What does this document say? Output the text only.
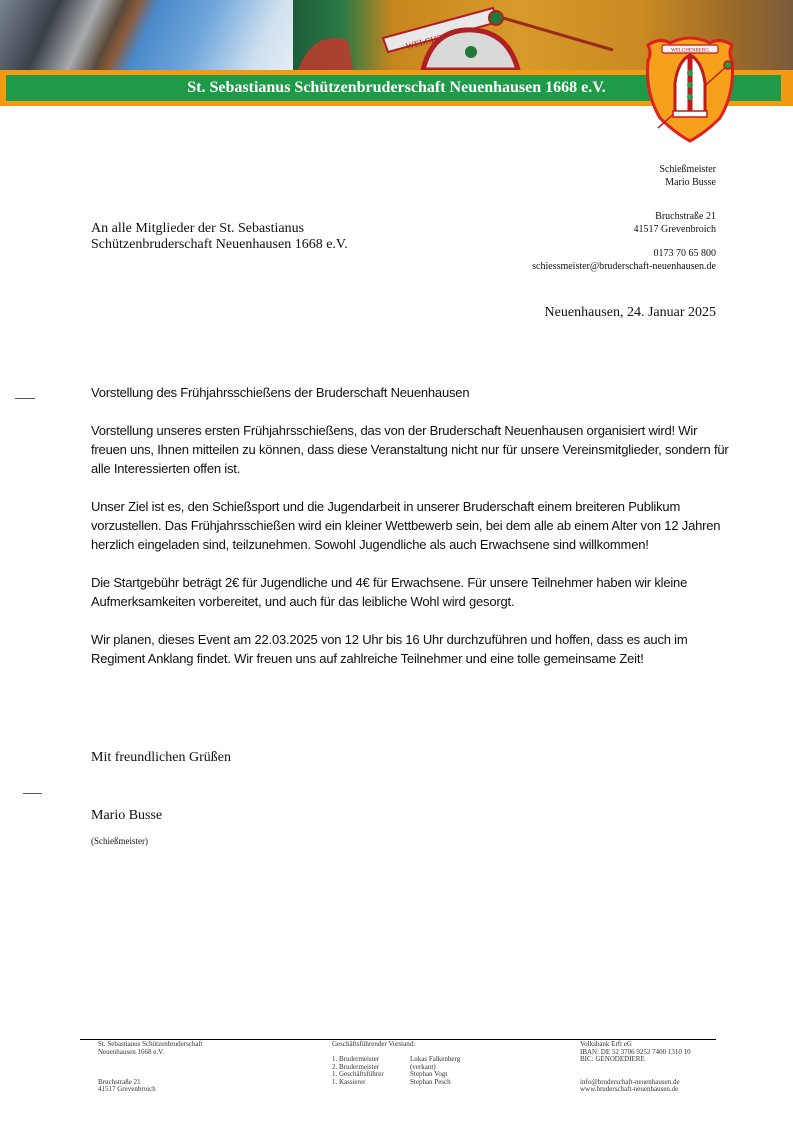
St. Sebastianus Schützenbruderschaft Neuenhausen 1668 e.V.
WELCHENBERG
Schießmeister
Mario Busse
Bruchstraße 21
41517 Grevenbroich
0173 70 65 800
schiessmeister@bruderschaft-neuenhausen.de
An alle Mitglieder der St. Sebastianus
Schützenbruderschaft Neuenhausen 1668 e.V.
Neuenhausen, 24. Januar 2025

Vorstellung des Frühjahrsschießens der Bruderschaft Neuenhausen

Vorstellung unseres ersten Frühjahrsschießens, das von der Bruderschaft Neuenhausen organisiert wird! Wir freuen uns, Ihnen mitteilen zu können, dass diese Veranstaltung nicht nur für unsere Vereinsmitglieder, sondern für alle Interessierten offen ist.

Unser Ziel ist es, den Schießsport und die Jugendarbeit in unserer Bruderschaft einem breiteren Publikum vorzustellen. Das Frühjahrsschießen wird ein kleiner Wettbewerb sein, bei dem alle ab einem Alter von 12 Jahren herzlich eingeladen sind, teilzunehmen. Sowohl Jugendliche als auch Erwachsene sind willkommen!

Die Startgebühr beträgt 2€ für Jugendliche und 4€ für Erwachsene. Für unsere Teilnehmer haben wir kleine Aufmerksamkeiten vorbereitet, und auch für das leibliche Wohl wird gesorgt.

Wir planen, dieses Event am 22.03.2025 von 12 Uhr bis 16 Uhr durchzuführen und hoffen, dass es auch im Regiment Anklang findet. Wir freuen uns auf zahlreiche Teilnehmer und eine tolle gemeinsame Zeit!

Mit freundlichen Grüßen
Mario Busse
(Schießmeister)
St. Sebastianus Schützenbruderschaft
Neuenhausen 1668 e.V.
Bruchstraße 21
41517 Grevenbroich
Geschäftsführender Vorstand:
1. Brudermeister	Lukas Falkenberg
2. Brudermeister	(verkant)
1. Geschäftsführer	Stephan Vogt
1. Kassierer	Stephan Pesch
Volksbank Erft eG
IBAN: DE 52 3706 9252 7400 1310 10
BIC: GENODEDIERE
info@bruderschaft-neuenhausen.de
www.bruderschaft-neuenhausen.de
